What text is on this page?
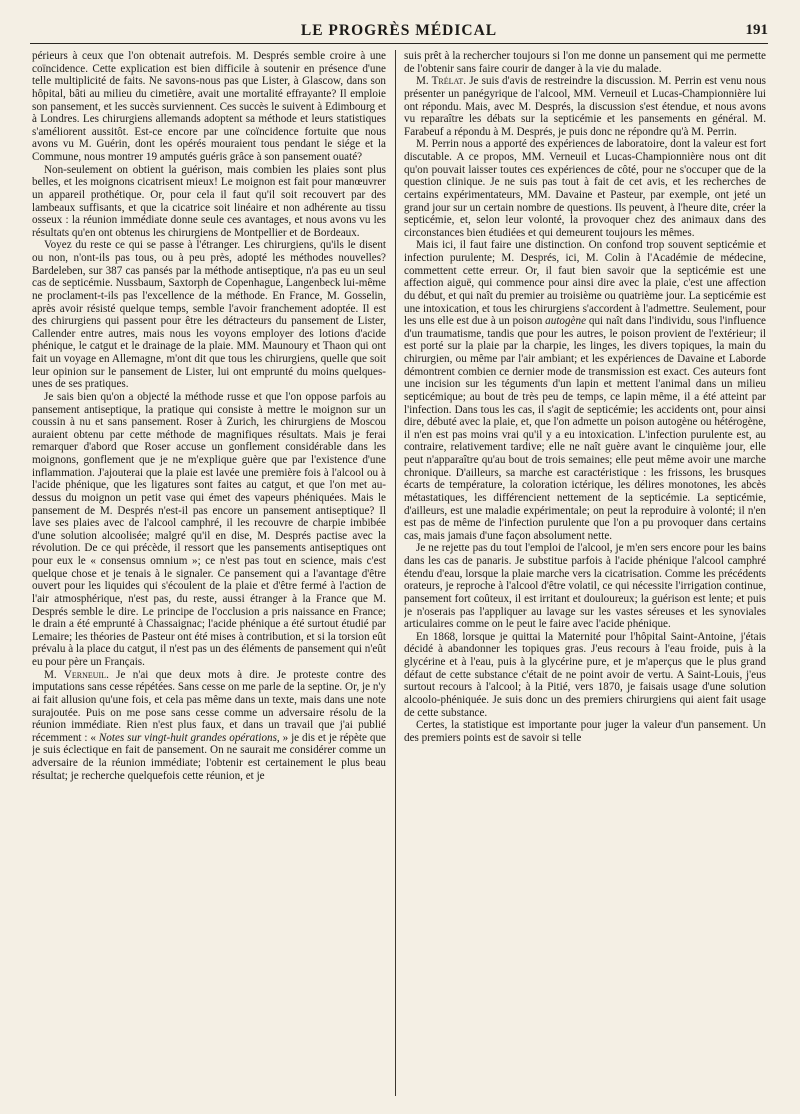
LE PROGRÈS MÉDICAL	191

périeurs à ceux que l'on obtenait autrefois. M. Després semble croire à une coïncidence. Cette explication est bien difficile à soutenir en présence d'une telle multiplicité de faits. Ne savons-nous pas que Lister, à Glascow, dans son hôpital, bâti au milieu du cimetière, avait une mortalité effrayante? Il emploie son pansement, et les succès surviennent. Ces succès le suivent à Edimbourg et à Londres. Les chirurgiens allemands adoptent sa méthode et leurs statistiques s'améliorent aussitôt. Est-ce encore par une coïncidence fortuite que nous avons vu M. Guérin, dont les opérés mouraient tous pendant le siége et la Commune, nous montrer 19 amputés guéris grâce à son pansement ouaté?

Non-seulement on obtient la guérison, mais combien les plaies sont plus belles, et les moignons cicatrisent mieux! Le moignon est fait pour manœuvrer un appareil prothétique. Or, pour cela il faut qu'il soit recouvert par des lambeaux suffisants, et que la cicatrice soit linéaire et non adhérente au tissu osseux : la réunion immédiate donne seule ces avantages, et nous avons vu les résultats qu'en ont obtenus les chirurgiens de Montpellier et de Bordeaux.

Voyez du reste ce qui se passe à l'étranger. Les chirurgiens, qu'ils le disent ou non, n'ont-ils pas tous, ou à peu près, adopté les méthodes nouvelles? Bardeleben, sur 387 cas pansés par la méthode antiseptique, n'a pas eu un seul cas de septicémie. Nussbaum, Saxtorph de Copenhague, Langenbeck lui-même ne proclament-t-ils pas l'excellence de la méthode. En France, M. Gosselin, après avoir résisté quelque temps, semble l'avoir franchement adoptée. Il est des chirurgiens qui passent pour être les détracteurs du pansement de Lister, Callender entre autres, mais nous les voyons employer des lotions d'acide phénique, le catgut et le drainage de la plaie. MM. Maunoury et Thaon qui ont fait un voyage en Allemagne, m'ont dit que tous les chirurgiens, quelle que soit leur opinion sur le pansement de Lister, lui ont emprunté du moins quelques-unes de ses pratiques.

Je sais bien qu'on a objecté la méthode russe et que l'on oppose parfois au pansement antiseptique, la pratique qui consiste à mettre le moignon sur un coussin à nu et sans pansement. Roser à Zurich, les chirurgiens de Moscou auraient obtenu par cette méthode de magnifiques résultats. Mais je ferai remarquer d'abord que Roser accuse un gonflement considérable dans les moignons, gonflement que je ne m'explique guère que par l'existence d'une inflammation. J'ajouterai que la plaie est lavée une première fois à l'alcool ou à l'acide phénique, que les ligatures sont faites au catgut, et que l'on met au-dessus du moignon un petit vase qui émet des vapeurs phéniquées. Mais le pansement de M. Després n'est-il pas encore un pansement antiseptique? Il lave ses plaies avec de l'alcool camphré, il les recouvre de charpie imbibée d'une solution alcoolisée; malgré qu'il en dise, M. Després pactise avec la révolution. De ce qui précède, il ressort que les pansements antiseptiques ont pour eux le « consensus omnium »; ce n'est pas tout en science, mais c'est quelque chose et je tenais à le signaler. Ce pansement qui a l'avantage d'être ouvert pour les liquides qui s'écoulent de la plaie et d'être fermé à l'action de l'air atmosphérique, n'est pas, du reste, aussi étranger à la France que M. Després semble le dire. Le principe de l'occlusion a pris naissance en France; le drain a été emprunté à Chassaignac; l'acide phénique a été surtout étudié par Lemaire; les théories de Pasteur ont été mises à contribution, et si la torsion eût prévalu à la place du catgut, il n'est pas un des éléments de pansement qui n'eût eu pour père un Français.

M. Verneuil. Je n'ai que deux mots à dire. Je proteste contre des imputations sans cesse répétées. Sans cesse on me parle de la septine. Or, je n'y ai fait allusion qu'une fois, et cela pas même dans un texte, mais dans une note surajoutée. Puis on me pose sans cesse comme un adversaire résolu de la réunion immédiate. Rien n'est plus faux, et dans un travail que j'ai publié récemment : « Notes sur vingt-huit grandes opérations, » je dis et je répète que je suis éclectique en fait de pansement. On ne saurait me considérer comme un adversaire de la réunion immédiate; l'obtenir est certainement le plus beau résultat; je recherche quelquefois cette réunion, et je

suis prêt à la rechercher toujours si l'on me donne un pansement qui me permette de l'obtenir sans faire courir de danger à la vie du malade.

M. Trélat. Je suis d'avis de restreindre la discussion. M. Perrin est venu nous présenter un panégyrique de l'alcool, MM. Verneuil et Lucas-Championnière lui ont répondu. Mais, avec M. Després, la discussion s'est étendue, et nous avons vu reparaître les débats sur la septicémie et les pansements en général. M. Farabeuf a répondu à M. Després, je puis donc ne répondre qu'à M. Perrin.

M. Perrin nous a apporté des expériences de laboratoire, dont la valeur est fort discutable. A ce propos, MM. Verneuil et Lucas-Championnière nous ont dit qu'on pouvait laisser toutes ces expériences de côté, pour ne s'occuper que de la question clinique. Je ne suis pas tout à fait de cet avis, et les recherches de certains expérimentateurs, MM. Davaine et Pasteur, par exemple, ont jeté un grand jour sur un certain nombre de questions. Ils peuvent, à l'heure dite, créer la septicémie, et, selon leur volonté, la provoquer chez des animaux dans des circonstances bien étudiées et qui demeurent toujours les mêmes.

Mais ici, il faut faire une distinction. On confond trop souvent septicémie et infection purulente; M. Després, ici, M. Colin à l'Académie de médecine, commettent cette erreur. Or, il faut bien savoir que la septicémie est une affection aiguë, qui commence pour ainsi dire avec la plaie, c'est une affection du début, et qui naît du premier au troisième ou quatrième jour. La septicémie est une intoxication, et tous les chirurgiens s'accordent à l'admettre. Seulement, pour les uns elle est due à un poison autogène qui naît dans l'individu, sous l'influence d'un traumatisme, tandis que pour les autres, le poison provient de l'extérieur; il est porté sur la plaie par la charpie, les linges, les divers topiques, la main du chirurgien, ou même par l'air ambiant; et les expériences de Davaine et Laborde démontrent combien ce dernier mode de transmission est exact. Ces auteurs font une incision sur les téguments d'un lapin et mettent l'animal dans un milieu septicémique; au bout de très peu de temps, ce lapin même, il a été atteint par l'infection. Dans tous les cas, il s'agit de septicémie; les accidents ont, pour ainsi dire, débuté avec la plaie, et, que l'on admette un poison autogène ou hétérogène, il n'en est pas moins vrai qu'il y a eu intoxication. L'infection purulente est, au contraire, relativement tardive; elle ne naît guère avant le cinquième jour, elle peut n'apparaître qu'au bout de trois semaines; elle peut même avoir une marche chronique. D'ailleurs, sa marche est caractéristique : les frissons, les brusques écarts de température, la coloration ictérique, les délires monotones, les abcès métastatiques, les différencient nettement de la septicémie. La septicémie, d'ailleurs, est une maladie expérimentale; on peut la reproduire à volonté; il n'en est pas de même de l'infection purulente que l'on a pu provoquer dans certains cas, mais jamais d'une façon absolument nette.

Je ne rejette pas du tout l'emploi de l'alcool, je m'en sers encore pour les bains dans les cas de panaris. Je substitue parfois à l'acide phénique l'alcool camphré étendu d'eau, lorsque la plaie marche vers la cicatrisation. Comme les précédents orateurs, je reproche à l'alcool d'être volatil, ce qui nécessite l'irrigation continue, pansement fort coûteux, il est irritant et douloureux; la guérison est lente; et puis je n'oserais pas l'appliquer au lavage sur les vastes séreuses et les synoviales articulaires comme on le peut le faire avec l'acide phénique.

En 1868, lorsque je quittai la Maternité pour l'hôpital Saint-Antoine, j'étais décidé à abandonner les topiques gras. J'eus recours à l'eau froide, puis à la glycérine et à l'eau, puis à la glycérine pure, et je m'aperçus que le plus grand défaut de cette substance c'était de ne point avoir de vertu. A Saint-Louis, j'eus surtout recours à l'alcool; à la Pitié, vers 1870, je faisais usage d'une solution alcoolo-phéniquée. Je suis donc un des premiers chirurgiens qui aient fait usage de cette substance.

Certes, la statistique est importante pour juger la valeur d'un pansement. Un des premiers points est de savoir si telle
